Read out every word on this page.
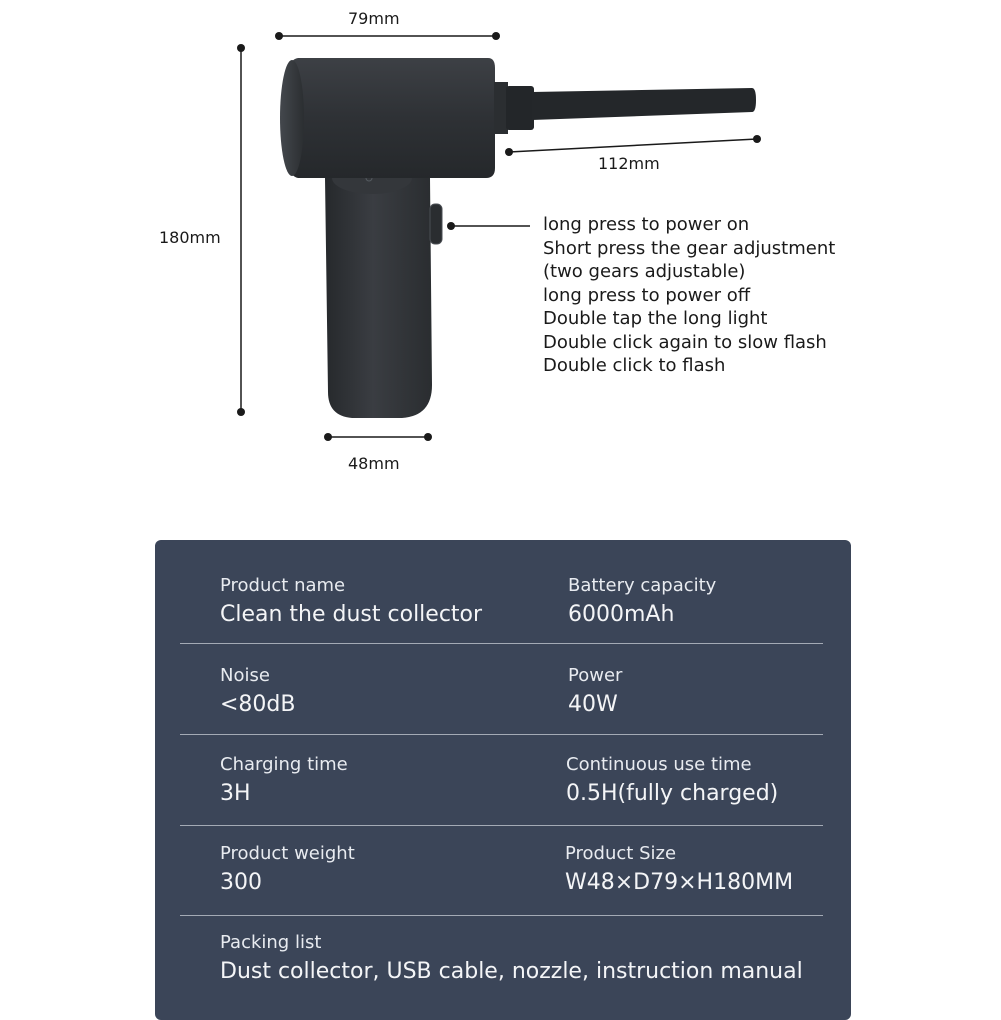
79mm
180mm
112mm
48mm
long press to power on
Short press the gear adjustment
(two gears adjustable)
long press to power off
Double tap the long light
Double click again to slow flash
Double click to flash
Product name
Clean the dust collector
Battery capacity
6000mAh
Noise
<80dB
Power
40W
Charging time
3H
Continuous use time
0.5H(fully charged)
Product weight
300
Product Size
W48×D79×H180MM
Packing list
Dust collector, USB cable, nozzle, instruction manual
